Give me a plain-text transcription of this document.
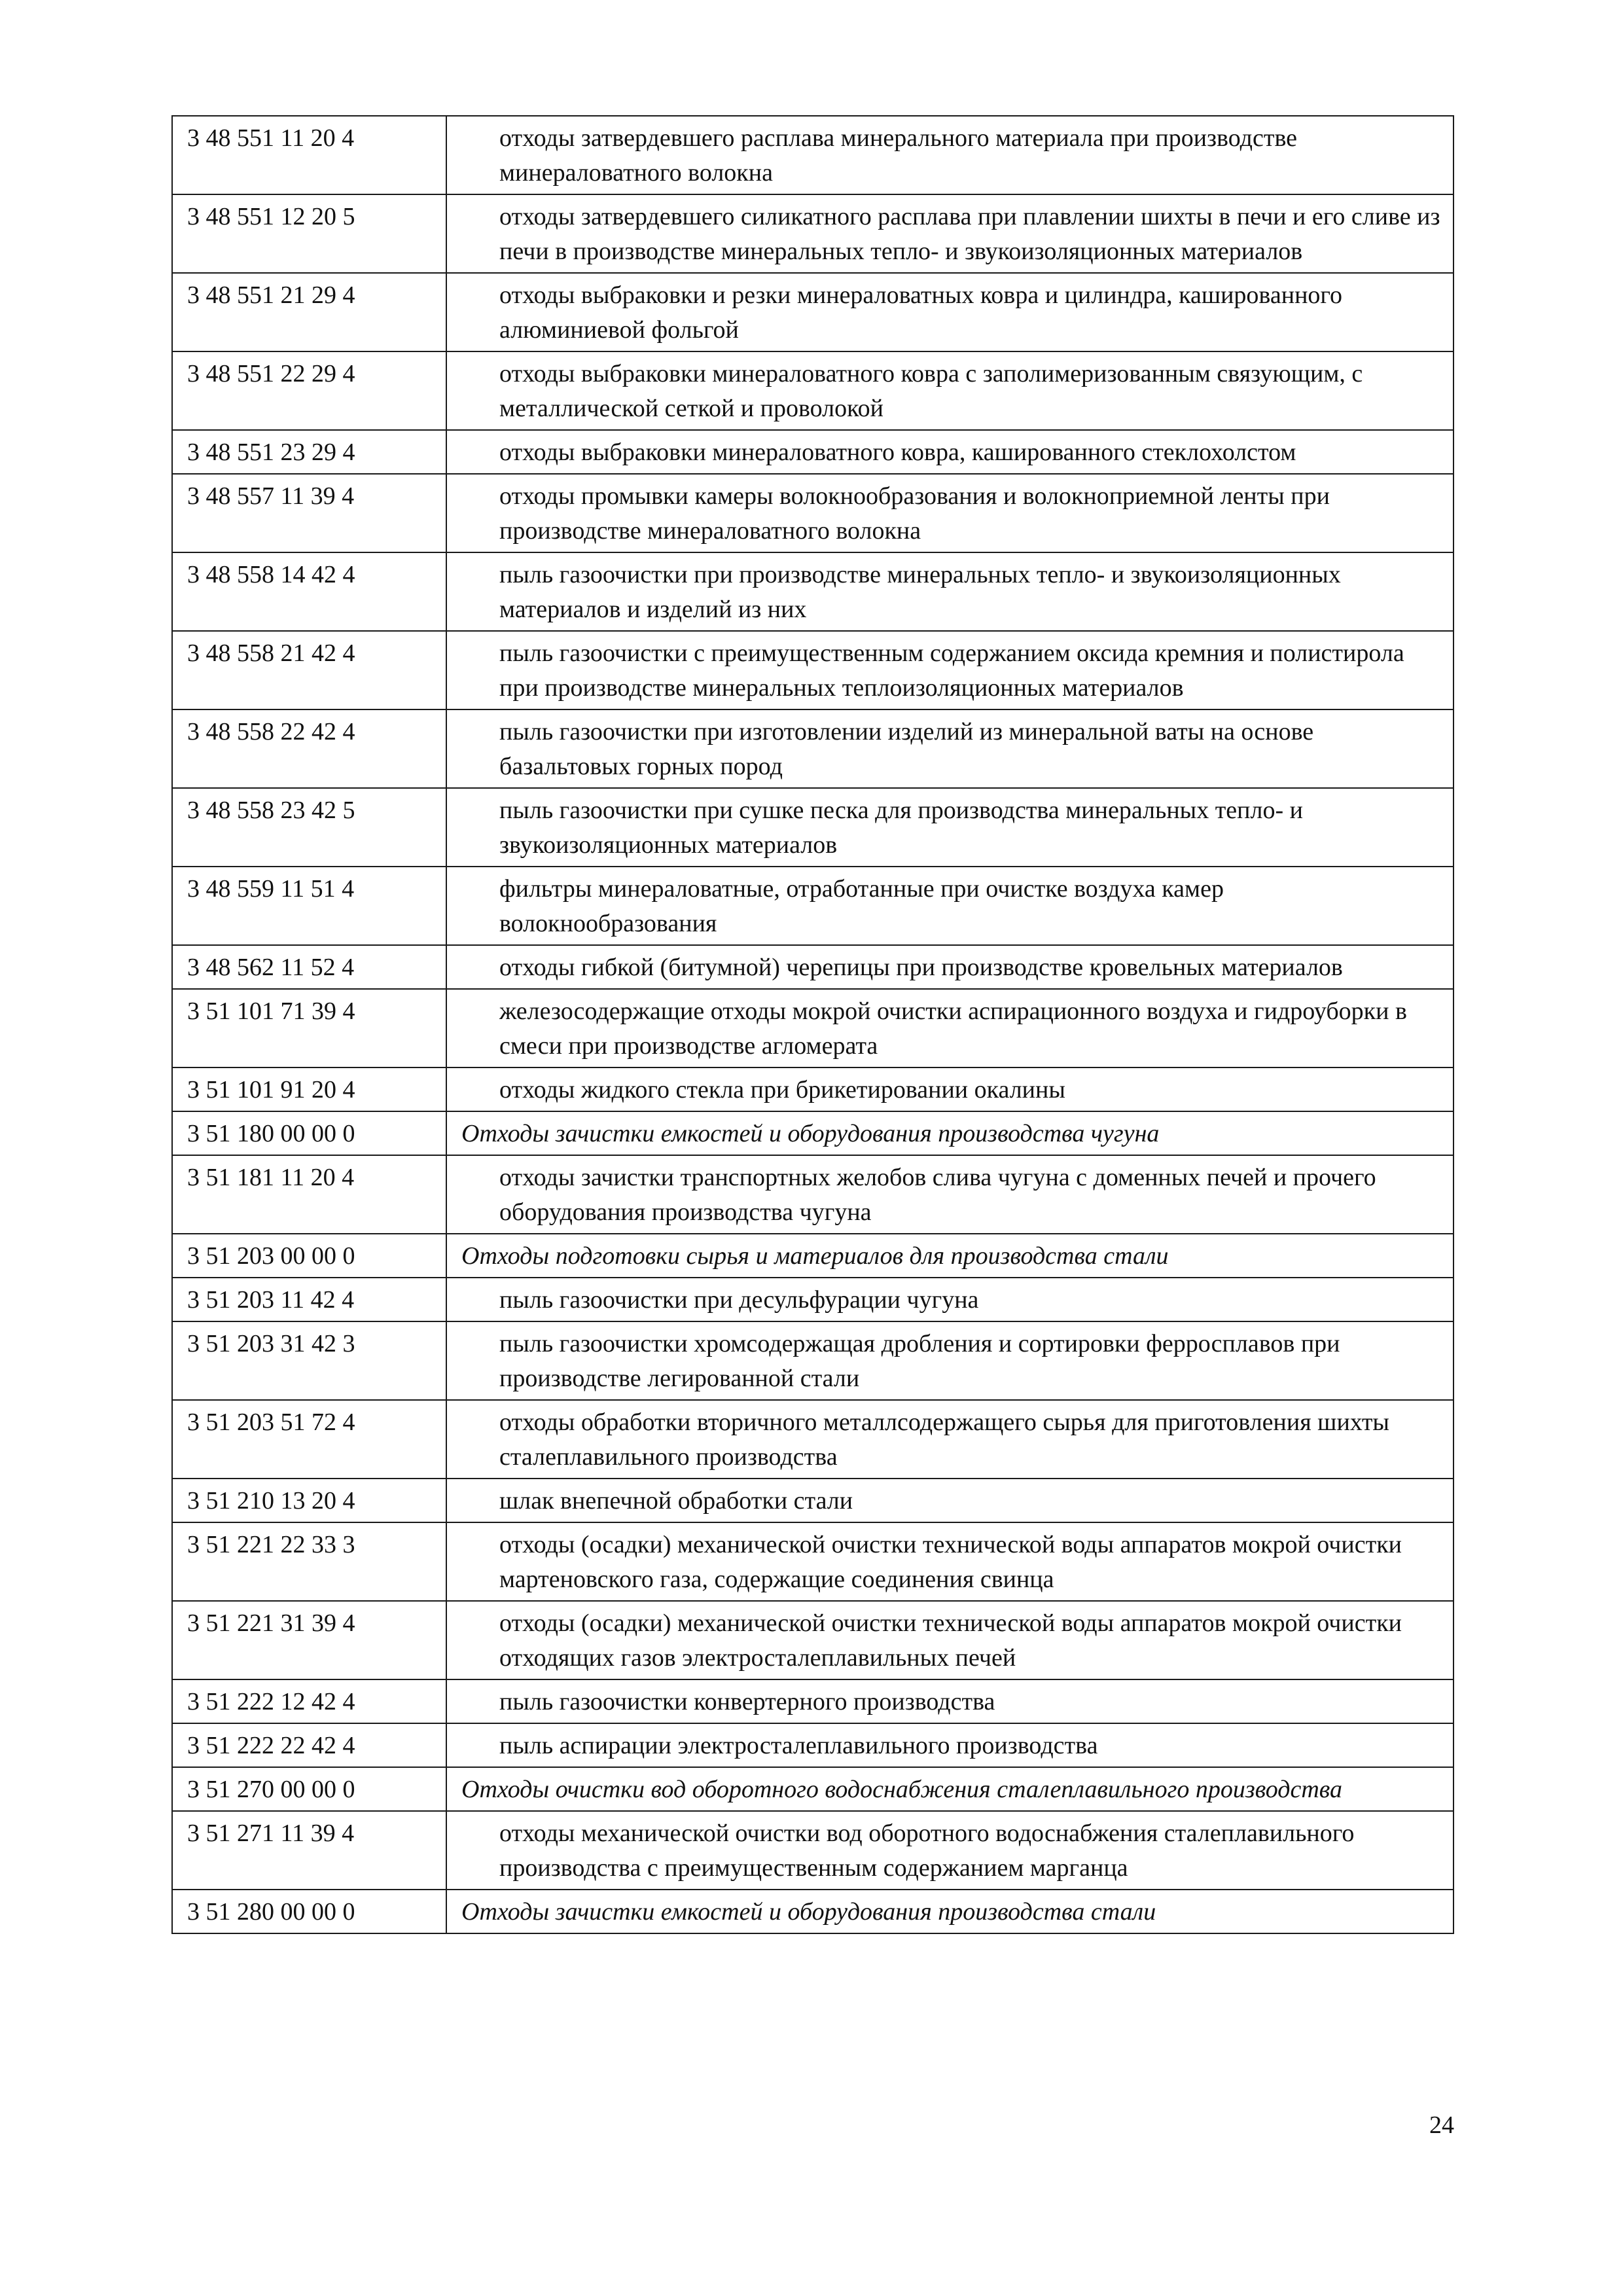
3 48 551 11 20 4	отходы затвердевшего расплава минерального материала при производстве минераловатного волокна
3 48 551 12 20 5	отходы затвердевшего силикатного расплава при плавлении шихты в печи и его сливе из печи в производстве минеральных тепло- и звукоизоляционных материалов
3 48 551 21 29 4	отходы выбраковки и резки минераловатных ковра и цилиндра, кашированного алюминиевой фольгой
3 48 551 22 29 4	отходы выбраковки минераловатного ковра с заполимеризованным связующим, с металлической сеткой и проволокой
3 48 551 23 29 4	отходы выбраковки минераловатного ковра, кашированного стеклохолстом
3 48 557 11 39 4	отходы промывки камеры волокнообразования и волокноприемной ленты при производстве минераловатного волокна
3 48 558 14 42 4	пыль газоочистки при производстве минеральных тепло- и звукоизоляционных материалов и изделий из них
3 48 558 21 42 4	пыль газоочистки с преимущественным содержанием оксида кремния и полистирола при производстве минеральных теплоизоляционных материалов
3 48 558 22 42 4	пыль газоочистки при изготовлении изделий из минеральной ваты на основе базальтовых горных пород
3 48 558 23 42 5	пыль газоочистки при сушке песка для производства минеральных тепло- и звукоизоляционных материалов
3 48 559 11 51 4	фильтры минераловатные, отработанные при очистке воздуха камер волокнообразования
3 48 562 11 52 4	отходы гибкой (битумной) черепицы при производстве кровельных материалов
3 51 101 71 39 4	железосодержащие отходы мокрой очистки аспирационного воздуха и гидроуборки в смеси при производстве агломерата
3 51 101 91 20 4	отходы жидкого стекла при брикетировании окалины
3 51 180 00 00 0	Отходы зачистки емкостей и оборудования производства чугуна
3 51 181 11 20 4	отходы зачистки транспортных желобов слива чугуна с доменных печей и прочего оборудования производства чугуна
3 51 203 00 00 0	Отходы подготовки сырья и материалов для производства стали
3 51 203 11 42 4	пыль газоочистки при десульфурации чугуна
3 51 203 31 42 3	пыль газоочистки хромсодержащая дробления и сортировки ферросплавов при производстве легированной стали
3 51 203 51 72 4	отходы обработки вторичного металлсодержащего сырья для приготовления шихты сталеплавильного производства
3 51 210 13 20 4	шлак внепечной обработки стали
3 51 221 22 33 3	отходы (осадки) механической очистки технической воды аппаратов мокрой очистки мартеновского газа, содержащие соединения свинца
3 51 221 31 39 4	отходы (осадки) механической очистки технической воды аппаратов мокрой очистки отходящих газов электросталеплавильных печей
3 51 222 12 42 4	пыль газоочистки конвертерного производства
3 51 222 22 42 4	пыль аспирации электросталеплавильного производства
3 51 270 00 00 0	Отходы очистки вод оборотного водоснабжения сталеплавильного производства
3 51 271 11 39 4	отходы механической очистки вод оборотного водоснабжения сталеплавильного производства с преимущественным содержанием марганца
3 51 280 00 00 0	Отходы зачистки емкостей и оборудования производства стали
24
